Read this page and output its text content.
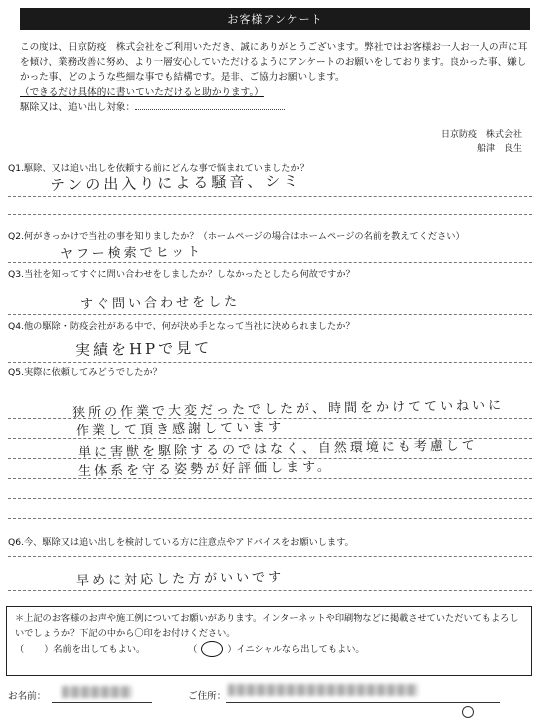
お客様アンケート
この度は、日京防疫　株式会社をご利用いただき、誠にありがとうございます。弊社ではお客様お一人お一人の声に耳を傾け、業務改善に努め、より一層安心していただけるようにアンケートのお願いをしております。良かった事、嫌しかった事、どのような些細な事でも結構です。是非、ご協力お願いします。
（できるだけ具体的に書いていただけると助かります。）
駆除又は、追い出し対象：
日京防疫　株式会社
船津　良生
Q1.駆除、又は追い出しを依頼する前にどんな事で悩まれていましたか？
テンの出入りによる騒音、シミ
Q2.何がきっかけで当社の事を知りましたか？（ホームページの場合はホームページの名前を教えてください）
ヤフー検索でヒット
Q3.当社を知ってすぐに問い合わせをしましたか？しなかったとしたら何故ですか？
すぐ問い合わせをした
Q4.他の駆除・防疫会社がある中で、何が決め手となって当社に決められましたか？
実績をHPで見て
Q5.実際に依頼してみどうでしたか？
狭所の作業で大変だったでしたが、時間をかけてていねいに
作業して頂き感謝しています
単に害獣を駆除するのではなく、自然環境にも考慮して
生体系を守る姿勢が好評価します。
Q6.今、駆除又は追い出しを検討している方に注意点やアドバイスをお願いします。
早めに対応した方がいいです
＊上記のお客様のお声や施工例についてお願いがあります。インターネットや印刷物などに掲載させていただいてもよろしいでしょうか？下記の中から〇印をお付けください。
（ ）名前を出してもよい。	（	）イニシャルなら出してもよい。
お名前：	ご住所：
